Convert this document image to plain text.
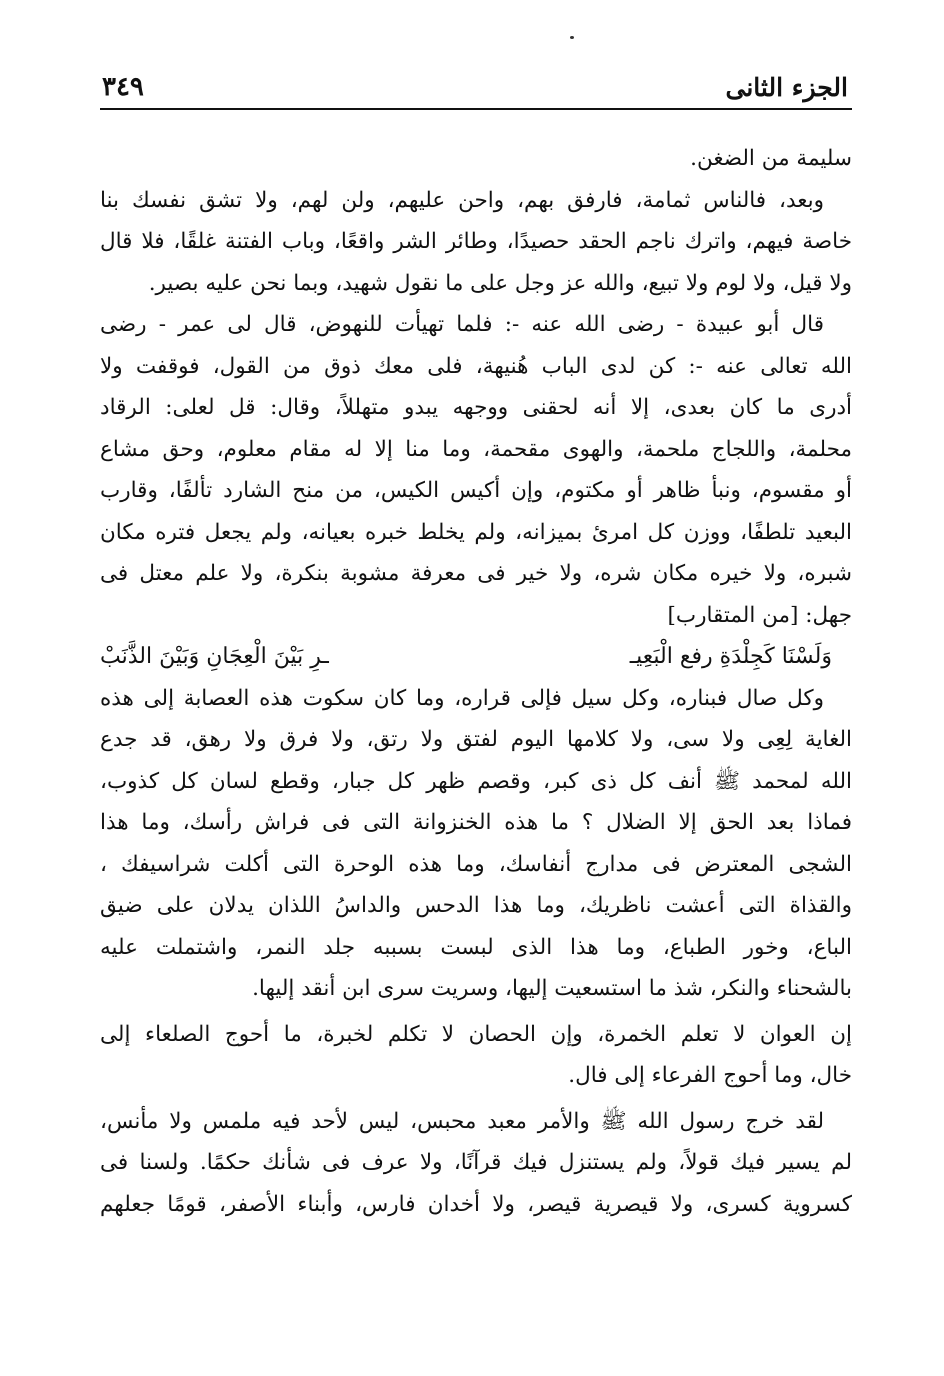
٣٤٩	الجزء الثانى

سليمة من الضغن.

وبعد، فالناس ثمامة، فارفق بهم، واحن عليهم، ولن لهم، ولا تشق نفسك بنا
خاصة فيهم، واترك ناجم الحقد حصيدًا، وطائر الشر واقعًا، وباب الفتنة غلقًا، فلا قال
ولا قيل، ولا لوم ولا تبيع، والله عز وجل على ما نقول شهيد، وبما نحن عليه بصير.

قال أبو عبيدة - رضى الله عنه -: فلما تهيأت للنهوض، قال لى عمر - رضى
الله تعالى عنه -: كن لدى الباب هُنيهة، فلى معك ذوق من القول، فوقفت ولا
أدرى ما كان بعدى، إلا أنه لحقنى ووجهه يبدو متهللاً، وقال: قل لعلى: الرقاد
محلمة، واللجاج ملحمة، والهوى مقحمة، وما منا إلا له مقام معلوم، وحق مشاع
أو مقسوم، ونبأ ظاهر أو مكتوم، وإن أكيس الكيس، من منح الشارد تألفًا، وقارب
البعيد تلطفًا، ووزن كل امرئ بميزانه، ولم يخلط خبره بعيانه، ولم يجعل فتره مكان
شبره، ولا خيره مكان شره، ولا خير فى معرفة مشوبة بنكرة، ولا علم معتل فى
جهل: [من المتقارب]

وَلَسْنَا كَجِلْدَةِ رفع الْبَعِيـ
ـرِ بَيْنَ الْعِجَانِ وَبَيْنَ الذَّنَبْ

وكل صال فبناره، وكل سيل فإلى قراره، وما كان سكوت هذه العصابة إلى هذه
الغاية لِعِى ولا سى، ولا كلامها اليوم لفتق ولا رتق، ولا فرق ولا رهق، قد جدع
الله لمحمد ﷺ أنف كل ذى كبر، وقصم ظهر كل جبار، وقطع لسان كل كذوب،
فماذا بعد الحق إلا الضلال ؟ ما هذه الخنزوانة التى فى فراش رأسك، وما هذا
الشجى المعترض فى مدارج أنفاسك، وما هذه الوحرة التى أكلت شراسيفك ،
والقذاة التى أعشت ناظريك، وما هذا الدحس والداسُ اللذان يدلان على ضيق
الباع، وخور الطباع، وما هذا الذى لبست بسببه جلد النمر، واشتملت عليه
بالشحناء والنكر، شذ ما استسعيت إليها، وسريت سرى ابن أنقد إليها.

إن العوان لا تعلم الخمرة، وإن الحصان لا تكلم لخبرة، ما أحوج الصلعاء إلى
خال، وما أحوج الفرعاء إلى فال.

لقد خرج رسول الله ﷺ والأمر معبد محبس، ليس لأحد فيه ملمس ولا مأنس،
لم يسير فيك قولاً، ولم يستنزل فيك قرآنًا، ولا عرف فى شأنك حكمًا. ولسنا فى
كسروية كسرى، ولا قيصرية قيصر، ولا أخدان فارس، وأبناء الأصفر، قومًا جعلهم
